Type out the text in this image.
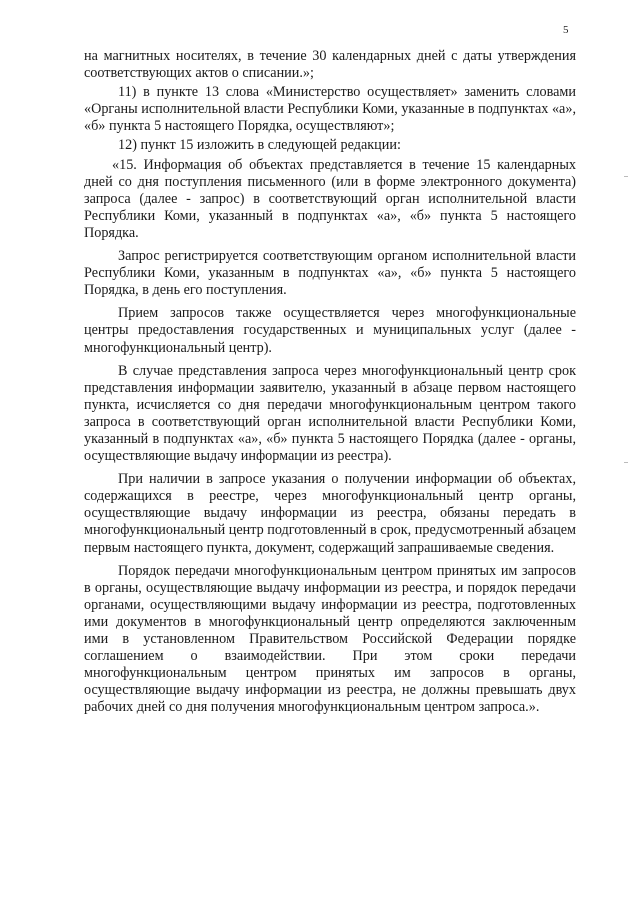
5

на магнитных носителях, в течение 30 календарных дней с даты утверждения соответствующих актов о списании.»;

11) в пункте 13 слова «Министерство осуществляет» заменить словами «Органы исполнительной власти Республики Коми, указанные в подпунктах «а», «б» пункта 5 настоящего Порядка, осуществляют»;

12) пункт 15 изложить в следующей редакции:

«15. Информация об объектах представляется в течение 15 календарных дней со дня поступления письменного (или в форме электронного документа) запроса (далее - запрос) в соответствующий орган исполнительной власти Республики Коми, указанный в подпунктах «а», «б» пункта 5 настоящего Порядка.

Запрос регистрируется соответствующим органом исполнительной власти Республики Коми, указанным в подпунктах «а», «б» пункта 5 настоящего Порядка, в день его поступления.

Прием запросов также осуществляется через многофункциональные центры предоставления государственных и муниципальных услуг (далее - многофункциональный центр).

В случае представления запроса через многофункциональный центр срок представления информации заявителю, указанный в абзаце первом настоящего пункта, исчисляется со дня передачи многофункциональным центром такого запроса в соответствующий орган исполнительной власти Республики Коми, указанный в подпунктах «а», «б» пункта 5 настоящего Порядка (далее - органы, осуществляющие выдачу информации из реестра).

При наличии в запросе указания о получении информации об объектах, содержащихся в реестре, через многофункциональный центр органы, осуществляющие выдачу информации из реестра, обязаны передать в многофункциональный центр подготовленный в срок, предусмотренный абзацем первым настоящего пункта, документ, содержащий запрашиваемые сведения.

Порядок передачи многофункциональным центром принятых им запросов в органы, осуществляющие выдачу информации из реестра, и порядок передачи органами, осуществляющими выдачу информации из реестра, подготовленных ими документов в многофункциональный центр определяются заключенным ими в установленном Правительством Российской Федерации порядке соглашением о взаимодействии. При этом сроки передачи многофункциональным центром принятых им запросов в органы, осуществляющие выдачу информации из реестра, не должны превышать двух рабочих дней со дня получения многофункциональным центром запроса.».
